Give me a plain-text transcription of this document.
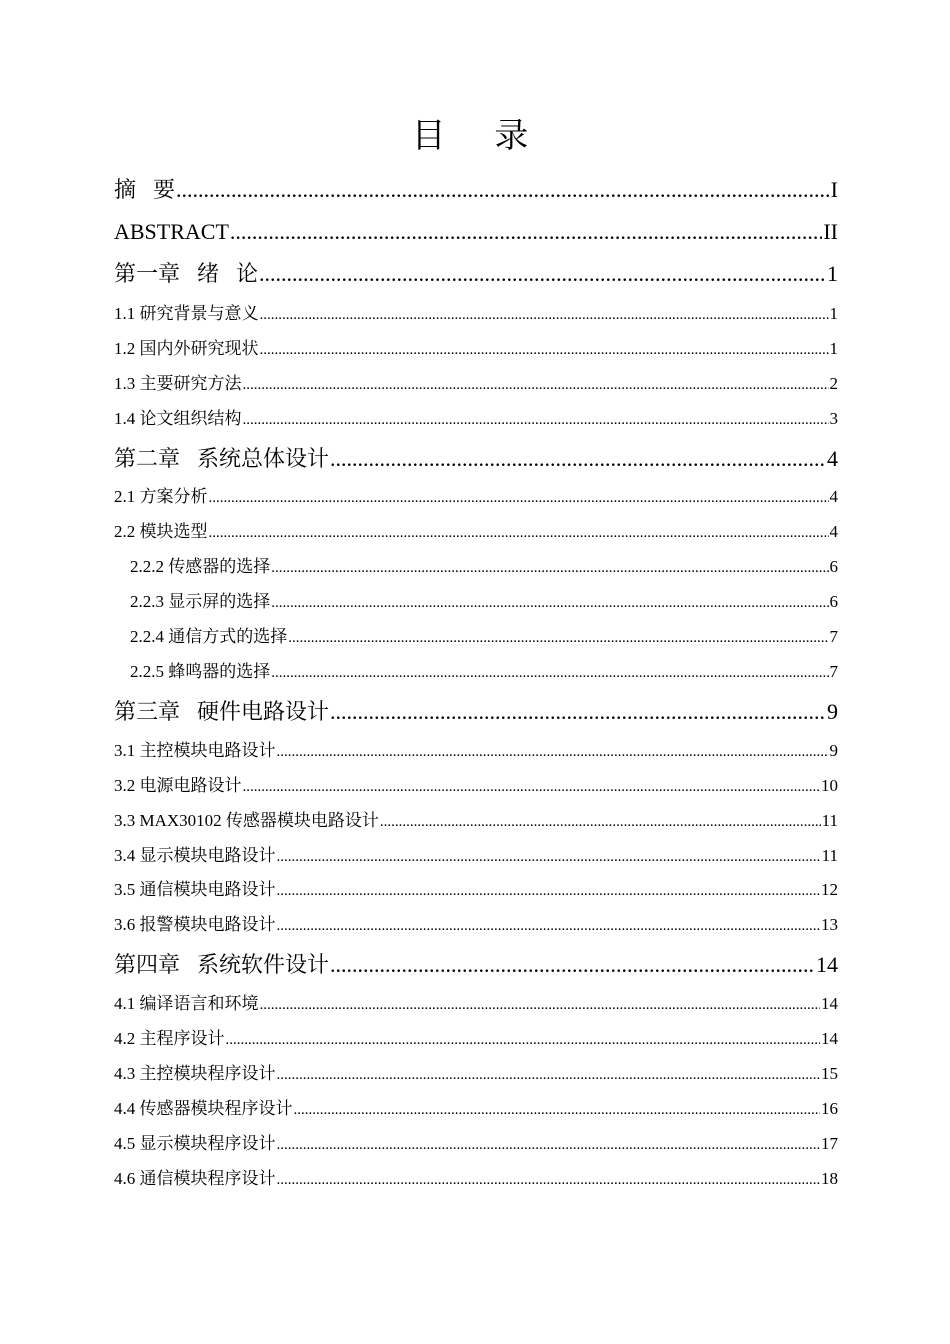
目 录
摘 要 .....	I
ABSTRACT .....	II
第一章 绪 论 .....	1
1.1 研究背景与意义 .....	1
1.2 国内外研究现状 .....	1
1.3 主要研究方法 .....	2
1.4 论文组织结构 .....	3
第二章 系统总体设计 .....	4
2.1 方案分析 .....	4
2.2 模块选型 .....	4
2.2.2 传感器的选择 .....	6
2.2.3 显示屏的选择 .....	6
2.2.4 通信方式的选择 .....	7
2.2.5 蜂鸣器的选择 .....	7
第三章 硬件电路设计 .....	9
3.1 主控模块电路设计 .....	9
3.2 电源电路设计 .....	10
3.3 MAX30102 传感器模块电路设计 .....	11
3.4 显示模块电路设计 .....	11
3.5 通信模块电路设计 .....	12
3.6 报警模块电路设计 .....	13
第四章 系统软件设计 .....	14
4.1 编译语言和环境 .....	14
4.2 主程序设计 .....	14
4.3 主控模块程序设计 .....	15
4.4 传感器模块程序设计 .....	16
4.5 显示模块程序设计 .....	17
4.6 通信模块程序设计 .....	18
